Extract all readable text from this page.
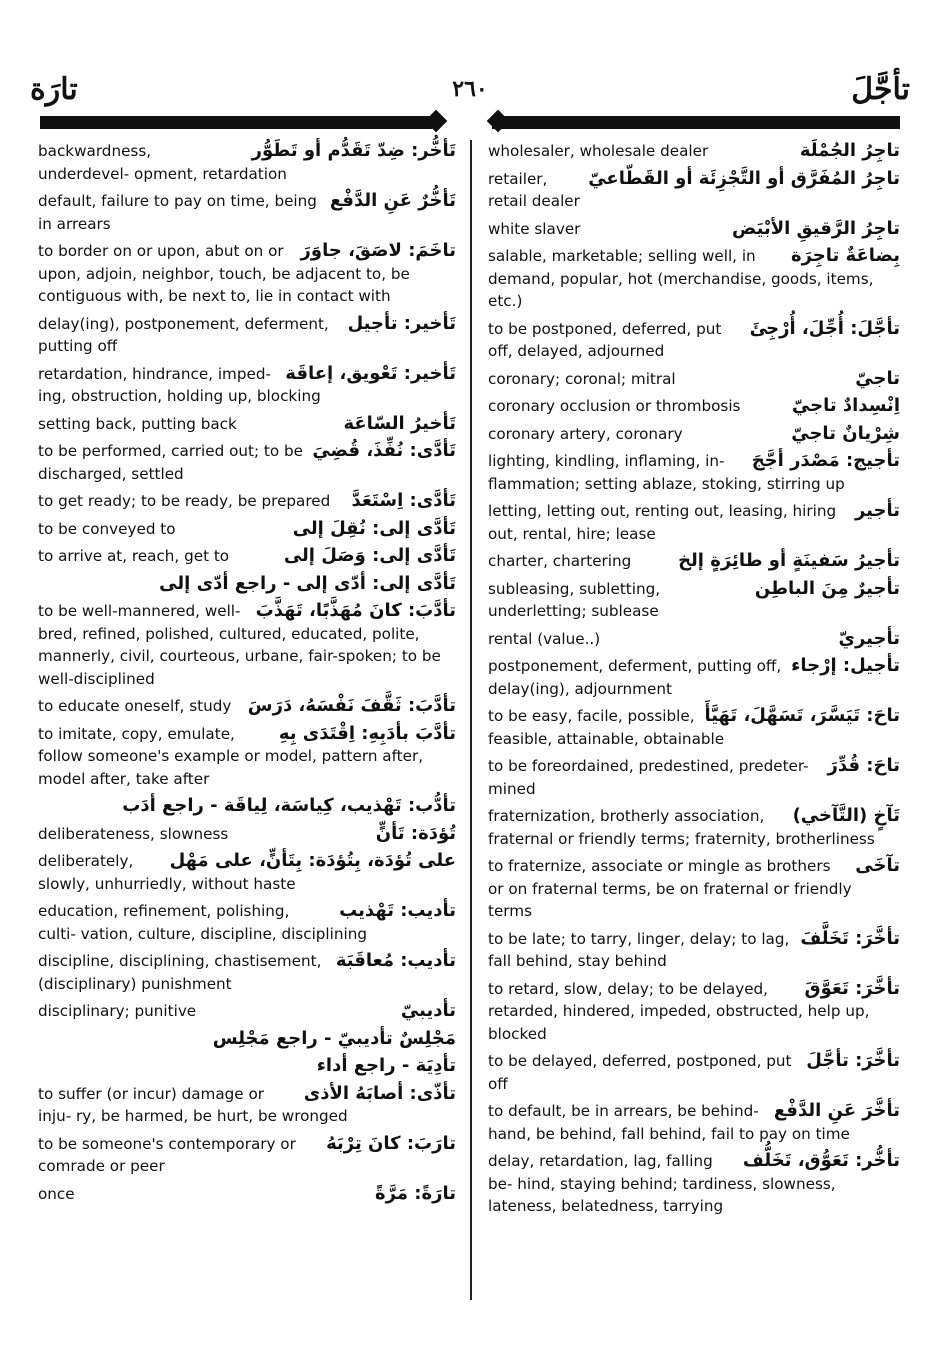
تارَة	٢٦٠	تأجَّلَ
تَأخُّر: ضِدّ تَقَدُّم أو تَطَوُّر
backwardness, underdevel- opment, retardation
تَأخُّرٌ عَنِ الدَّفْع
default, failure to pay on time, being in arrears
تاخَمَ: لاصَقَ، جاوَرَ
to border on or upon, abut on or upon, adjoin, neighbor, touch, be adjacent to, be contiguous with, be next to, lie in contact with
تَأخير: تأجيل
delay(ing), postponement, deferment, putting off
تَأخير: تَعْويق، إعاقَة
retardation, hindrance, imped- ing, obstruction, holding up, blocking
تَأخيرُ السّاعَة
setting back, putting back
تَأدَّى: نُفِّذَ، قُضِيَ
to be performed, carried out; to be discharged, settled
تَأدَّى: اِسْتَعَدَّ
to get ready; to be ready, be prepared
تَأدَّى إلى: نُقِلَ إلى
to be conveyed to
تَأدَّى إلى: وَصَلَ إلى
to arrive at, reach, get to
تَأدَّى إلى: أدّى إلى - راجع أدّى إلى
تأدَّبَ: كانَ مُهَذَّبًا، تَهَذَّبَ
to be well-mannered, well- bred, refined, polished, cultured, educated, polite, mannerly, civil, courteous, urbane, fair-spoken; to be well-disciplined
تأدَّبَ: ثَقَّفَ نَفْسَهُ، دَرَسَ
to educate oneself, study
تأدَّبَ بأدَبِهِ: اِقْتَدَى بِهِ
to imitate, copy, emulate, follow someone's example or model, pattern after, model after, take after
تأدُّب: تَهْذيب، كِياسَة، لِياقَة - راجع أدَب
تُؤدَة: تَأنٍّ
deliberateness, slowness
على تُؤدَة، بِتُؤدَة: بِتَأنٍّ، على مَهْل
deliberately, slowly, unhurriedly, without haste
تأديب: تَهْذيب
education, refinement, polishing, culti- vation, culture, discipline, disciplining
تأديب: مُعاقَبَة
discipline, disciplining, chastisement, (disciplinary) punishment
تأديبيّ
disciplinary; punitive
مَجْلِسٌ تأديبيّ - راجع مَجْلِس
تأدِيَة - راجع أداء
تأذّى: أصابَهُ الأذى
to suffer (or incur) damage or inju- ry, be harmed, be hurt, be wronged
تارَبَ: كانَ تِرْبَهُ
to be someone's contemporary or comrade or peer
تارَةً: مَرَّةً
once
تاجِرُ الجُمْلَة
wholesaler, wholesale dealer
تاجِرُ المُفَرَّق أو التَّجْزِئَة أو القَطّاعيّ
retailer, retail dealer
تاجِرُ الرَّقيقِ الأبْيَض
white slaver
بِضاعَةٌ تاجِرَة
salable, marketable; selling well, in demand, popular, hot (merchandise, goods, items, etc.)
تأجَّلَ: أُجِّلَ، أُرْجِئَ
to be postponed, deferred, put off, delayed, adjourned
تاجيّ
coronary; coronal; mitral
اِنْسِدادٌ تاجيّ
coronary occlusion or thrombosis
شِرْيانٌ تاجيّ
coronary artery, coronary
تأجيج: مَصْدَر أجَّجَ
lighting, kindling, inflaming, in- flammation; setting ablaze, stoking, stirring up
تأجير
letting, letting out, renting out, leasing, hiring out, rental, hire; lease
تأجيرُ سَفينَةٍ أو طائِرَةٍ إلخ
charter, chartering
تأجيرٌ مِنَ الباطِن
subleasing, subletting, underletting; sublease
تأجيريّ
rental (value..)
تأجيل: إرْجاء
postponement, deferment, putting off, delay(ing), adjournment
تاحَ: تَيَسَّرَ، تَسَهَّلَ، تَهَيَّأَ
to be easy, facile, possible, feasible, attainable, obtainable
تاحَ: قُدِّرَ
to be foreordained, predestined, predeter- mined
تَآخٍ (التَّآخي)
fraternization, brotherly association, fraternal or friendly terms; fraternity, brotherliness
تآخَى
to fraternize, associate or mingle as brothers or on fraternal terms, be on fraternal or friendly terms
تأخَّرَ: تَخَلَّفَ
to be late; to tarry, linger, delay; to lag, fall behind, stay behind
تأخَّرَ: تَعَوَّقَ
to retard, slow, delay; to be delayed, retarded, hindered, impeded, obstructed, help up, blocked
تأخَّرَ: تأجَّلَ
to be delayed, deferred, postponed, put off
تأخَّرَ عَنِ الدَّفْع
to default, be in arrears, be behind- hand, be behind, fall behind, fail to pay on time
تأخُّر: تَعَوُّق، تَخَلُّف
delay, retardation, lag, falling be- hind, staying behind; tardiness, slowness, lateness, belatedness, tarrying
